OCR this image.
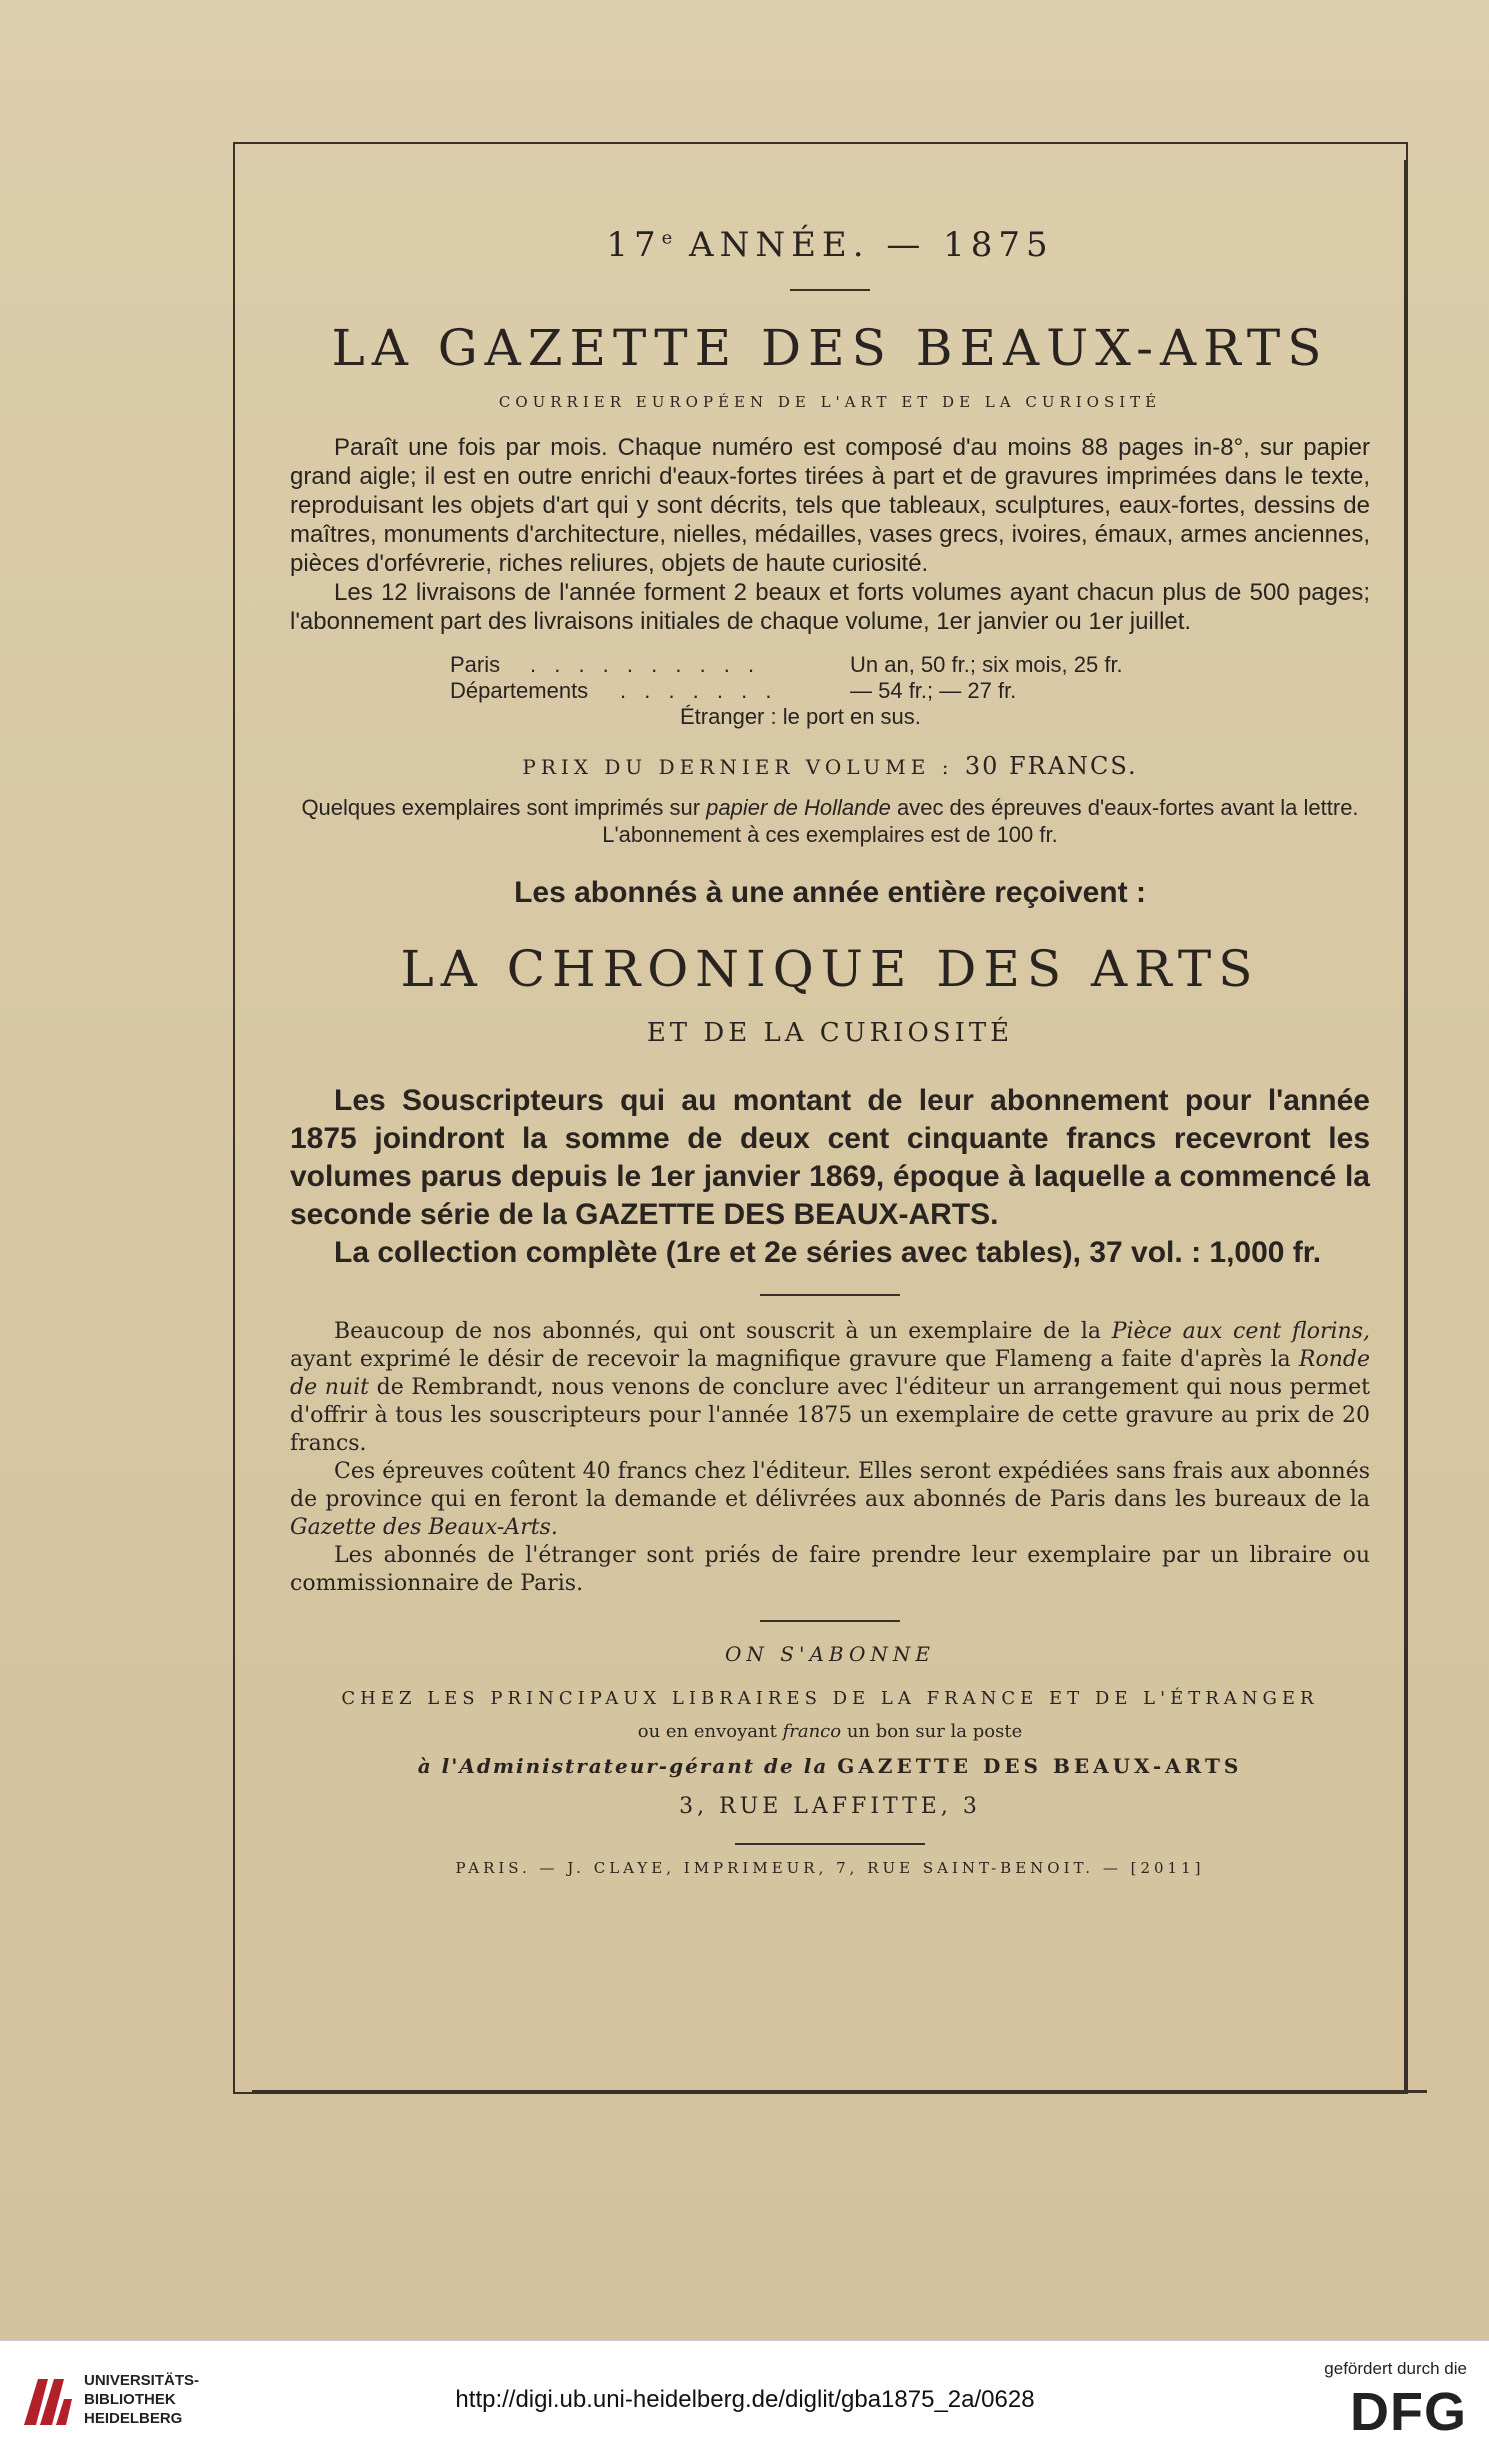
17e ANNÉE. — 1875
LA GAZETTE DES BEAUX-ARTS
COURRIER EUROPÉEN DE L'ART ET DE LA CURIOSITÉ

Paraît une fois par mois. Chaque numéro est composé d'au moins 88 pages in-8°, sur papier grand aigle; il est en outre enrichi d'eaux-fortes tirées à part et de gravures imprimées dans le texte, reproduisant les objets d'art qui y sont décrits, tels que tableaux, sculptures, eaux-fortes, dessins de maîtres, monuments d'architecture, nielles, médailles, vases grecs, ivoires, émaux, armes anciennes, pièces d'orfévrerie, riches reliures, objets de haute curiosité.

Les 12 livraisons de l'année forment 2 beaux et forts volumes ayant chacun plus de 500 pages; l'abonnement part des livraisons initiales de chaque volume, 1er janvier ou 1er juillet.

Paris . . . . . . . . . .	Un an, 50 fr.; six mois, 25 fr.
Départements . . . . . . .	— 54 fr.; — 27 fr.
Étranger : le port en sus.
PRIX DU DERNIER VOLUME : 30 FRANCS.
Quelques exemplaires sont imprimés sur papier de Hollande avec des épreuves d'eaux-fortes avant la lettre. L'abonnement à ces exemplaires est de 100 fr.
Les abonnés à une année entière reçoivent :
LA CHRONIQUE DES ARTS
ET DE LA CURIOSITÉ

Les Souscripteurs qui au montant de leur abonnement pour l'année 1875 joindront la somme de deux cent cinquante francs recevront les volumes parus depuis le 1er janvier 1869, époque à laquelle a commencé la seconde série de la GAZETTE DES BEAUX-ARTS.

La collection complète (1re et 2e séries avec tables), 37 vol. : 1,000 fr.

Beaucoup de nos abonnés, qui ont souscrit à un exemplaire de la Pièce aux cent florins, ayant exprimé le désir de recevoir la magnifique gravure que Flameng a faite d'après la Ronde de nuit de Rembrandt, nous venons de conclure avec l'éditeur un arrangement qui nous permet d'offrir à tous les souscripteurs pour l'année 1875 un exemplaire de cette gravure au prix de 20 francs.

Ces épreuves coûtent 40 francs chez l'éditeur. Elles seront expédiées sans frais aux abonnés de province qui en feront la demande et délivrées aux abonnés de Paris dans les bureaux de la Gazette des Beaux-Arts.

Les abonnés de l'étranger sont priés de faire prendre leur exemplaire par un libraire ou commissionnaire de Paris.

ON S'ABONNE
CHEZ LES PRINCIPAUX LIBRAIRES DE LA FRANCE ET DE L'ÉTRANGER
ou en envoyant franco un bon sur la poste
à l'Administrateur-gérant de la GAZETTE DES BEAUX-ARTS
3, RUE LAFFITTE, 3
PARIS. — J. CLAYE, IMPRIMEUR, 7, RUE SAINT-BENOIT. — [2011]
UNIVERSITÄTS-
BIBLIOTHEK
HEIDELBERG
http://digi.ub.uni-heidelberg.de/diglit/gba1875_2a/0628
gefördert durch die
DFG
